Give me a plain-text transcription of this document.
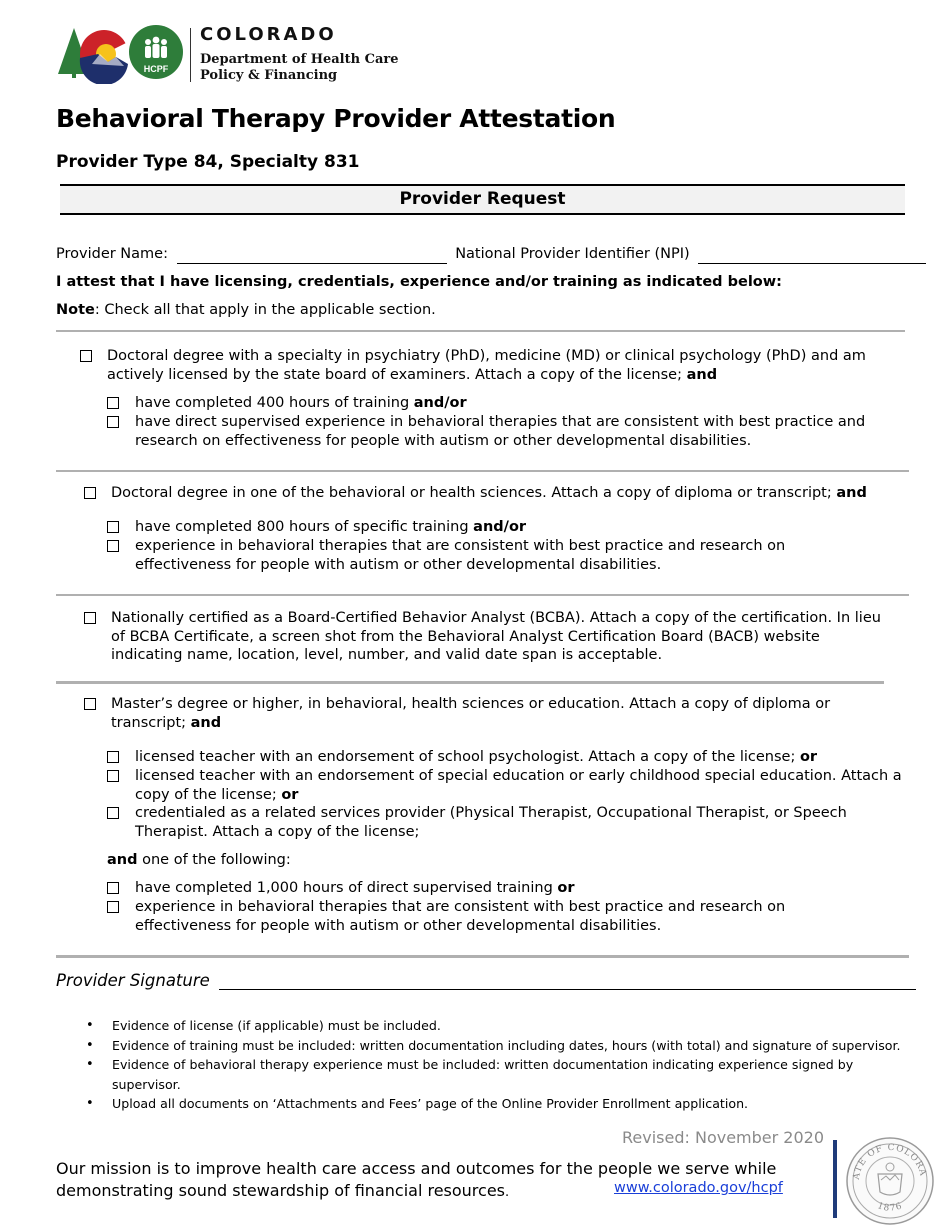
HCPF
COLORADO
Department of Health Care
Policy & Financing
Behavioral Therapy Provider Attestation
Provider Type 84, Specialty 831
Provider Request
Provider Name:	National Provider Identifier (NPI)
I attest that I have licensing, credentials, experience and/or training as indicated below:
Note: Check all that apply in the applicable section.
Doctoral degree with a specialty in psychiatry (PhD), medicine (MD) or clinical psychology (PhD) and am actively licensed by the state board of examiners. Attach a copy of the license; and
have completed 400 hours of training and/or
have direct supervised experience in behavioral therapies that are consistent with best practice and research on effectiveness for people with autism or other developmental disabilities.
Doctoral degree in one of the behavioral or health sciences. Attach a copy of diploma or transcript; and
have completed 800 hours of specific training and/or
experience in behavioral therapies that are consistent with best practice and research on effectiveness for people with autism or other developmental disabilities.
Nationally certified as a Board-Certified Behavior Analyst (BCBA). Attach a copy of the certification. In lieu of BCBA Certificate, a screen shot from the Behavioral Analyst Certification Board (BACB) website indicating name, location, level, number, and valid date span is acceptable.
Master’s degree or higher, in behavioral, health sciences or education. Attach a copy of diploma or transcript; and
licensed teacher with an endorsement of school psychologist. Attach a copy of the license; or
licensed teacher with an endorsement of special education or early childhood special education. Attach a copy of the license; or
credentialed as a related services provider (Physical Therapist, Occupational Therapist, or Speech Therapist. Attach a copy of the license;
and one of the following:
have completed 1,000 hours of direct supervised training or
experience in behavioral therapies that are consistent with best practice and research on effectiveness for people with autism or other developmental disabilities.
Provider Signature
• Evidence of license (if applicable) must be included.
• Evidence of training must be included: written documentation including dates, hours (with total) and signature of supervisor.
• Evidence of behavioral therapy experience must be included: written documentation indicating experience signed by supervisor.
• Upload all documents on ‘Attachments and Fees’ page of the Online Provider Enrollment application.
Revised: November 2020
Our mission is to improve health care access and outcomes for the people we serve while
demonstrating sound stewardship of financial resources.	www.colorado.gov/hcpf
ATE OF COLORA
1876
